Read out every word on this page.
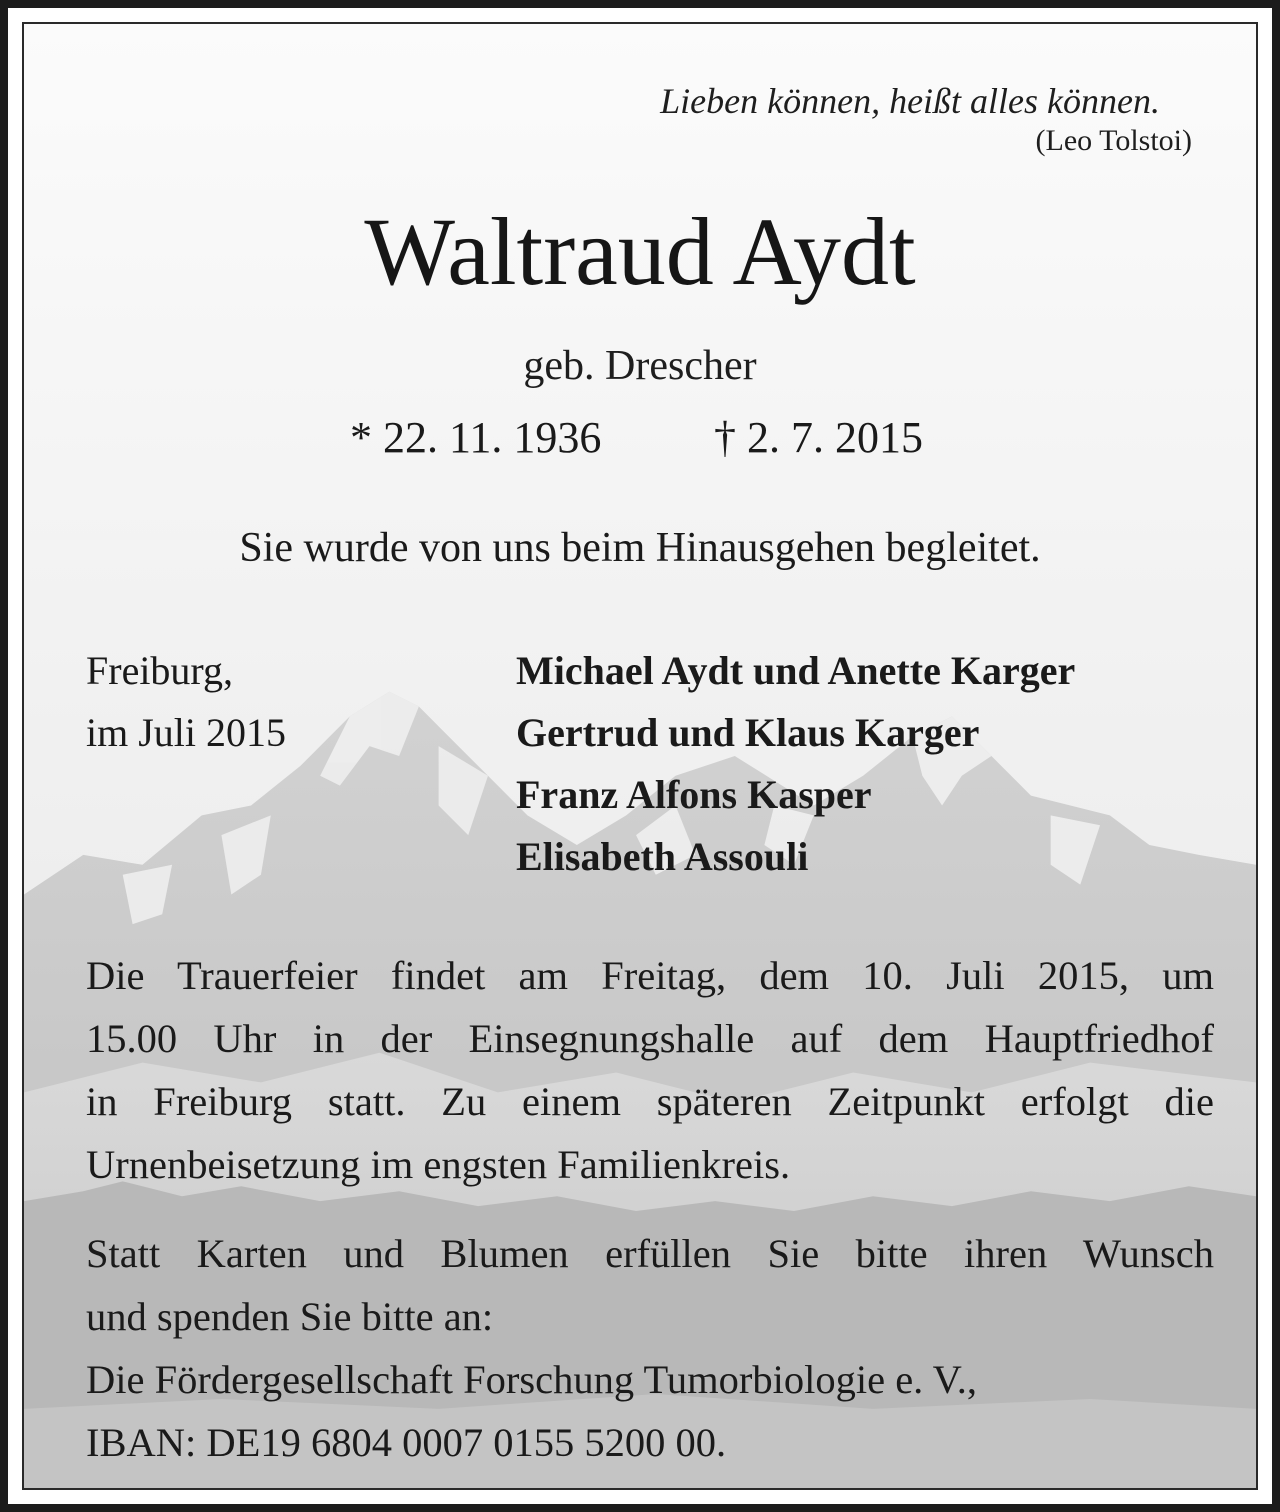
Lieben können, heißt alles können.
(Leo Tolstoi)
Waltraud Aydt
geb. Drescher
* 22. 11. 1936	† 2. 7. 2015
Sie wurde von uns beim Hinausgehen begleitet.
Freiburg,
im Juli 2015
Michael Aydt und Anette Karger
Gertrud und Klaus Karger
Franz Alfons Kasper
Elisabeth Assouli
Die Trauerfeier findet am Freitag, dem 10. Juli 2015, um
15.00 Uhr in der Einsegnungshalle auf dem Hauptfriedhof
in Freiburg statt. Zu einem späteren Zeitpunkt erfolgt die
Urnenbeisetzung im engsten Familienkreis.
Statt Karten und Blumen erfüllen Sie bitte ihren Wunsch
und spenden Sie bitte an:
Die Fördergesellschaft Forschung Tumorbiologie e. V.,
IBAN: DE19 6804 0007 0155 5200 00.
